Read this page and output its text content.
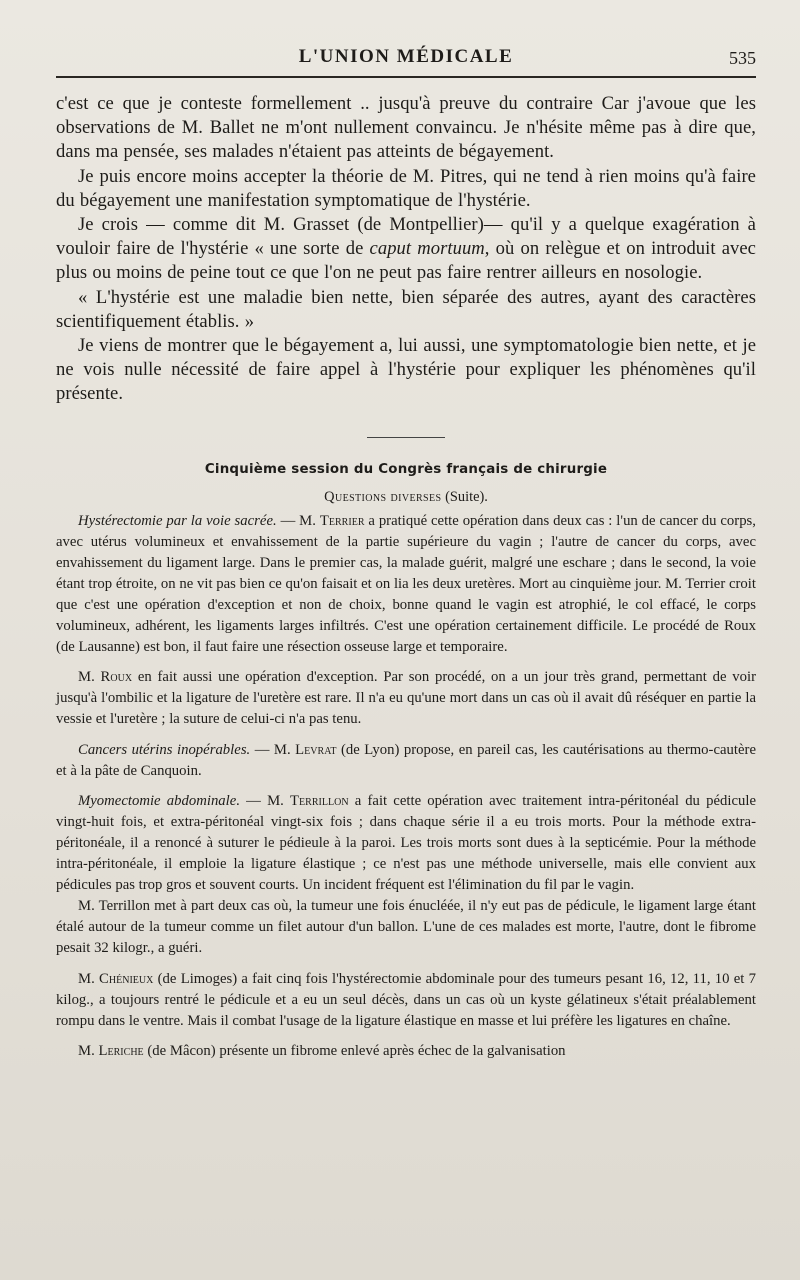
L'UNION MÉDICALE	535

c'est ce que je conteste formellement .. jusqu'à preuve du contraire Car j'avoue que les observations de M. Ballet ne m'ont nullement convaincu. Je n'hésite même pas à dire que, dans ma pensée, ses malades n'étaient pas atteints de bégayement.

Je puis encore moins accepter la théorie de M. Pitres, qui ne tend à rien moins qu'à faire du bégayement une manifestation symptomatique de l'hystérie.

Je crois — comme dit M. Grasset (de Montpellier)— qu'il y a quelque exagération à vouloir faire de l'hystérie « une sorte de caput mortuum, où on relègue et on introduit avec plus ou moins de peine tout ce que l'on ne peut pas faire rentrer ailleurs en nosologie.

« L'hystérie est une maladie bien nette, bien séparée des autres, ayant des caractères scientifiquement établis. »

Je viens de montrer que le bégayement a, lui aussi, une symptomatologie bien nette, et je ne vois nulle nécessité de faire appel à l'hystérie pour expliquer les phénomènes qu'il présente.

Cinquième session du Congrès français de chirurgie
Questions diverses (Suite).

Hystérectomie par la voie sacrée. — M. Terrier a pratiqué cette opération dans deux cas : l'un de cancer du corps, avec utérus volumineux et envahissement de la partie supérieure du vagin ; l'autre de cancer du corps, avec envahissement du ligament large. Dans le premier cas, la malade guérit, malgré une eschare ; dans le second, la voie étant trop étroite, on ne vit pas bien ce qu'on faisait et on lia les deux uretères. Mort au cinquième jour. M. Terrier croit que c'est une opération d'exception et non de choix, bonne quand le vagin est atrophié, le col effacé, le corps volumineux, adhérent, les ligaments larges infiltrés. C'est une opération certainement difficile. Le procédé de Roux (de Lausanne) est bon, il faut faire une résection osseuse large et temporaire.

M. Roux en fait aussi une opération d'exception. Par son procédé, on a un jour très grand, permettant de voir jusqu'à l'ombilic et la ligature de l'uretère est rare. Il n'a eu qu'une mort dans un cas où il avait dû réséquer en partie la vessie et l'uretère ; la suture de celui-ci n'a pas tenu.

Cancers utérins inopérables. — M. Levrat (de Lyon) propose, en pareil cas, les cautérisations au thermo-cautère et à la pâte de Canquoin.

Myomectomie abdominale. — M. Terrillon a fait cette opération avec traitement intra-péritonéal du pédicule vingt-huit fois, et extra-péritonéal vingt-six fois ; dans chaque série il a eu trois morts. Pour la méthode extra-péritonéale, il a renoncé à suturer le pédieule à la paroi. Les trois morts sont dues à la septicémie. Pour la méthode intra-péritonéale, il emploie la ligature élastique ; ce n'est pas une méthode universelle, mais elle convient aux pédicules pas trop gros et souvent courts. Un incident fréquent est l'élimination du fil par le vagin.

M. Terrillon met à part deux cas où, la tumeur une fois énucléée, il n'y eut pas de pédicule, le ligament large étant étalé autour de la tumeur comme un filet autour d'un ballon. L'une de ces malades est morte, l'autre, dont le fibrome pesait 32 kilogr., a guéri.

M. Chénieux (de Limoges) a fait cinq fois l'hystérectomie abdominale pour des tumeurs pesant 16, 12, 11, 10 et 7 kilog., a toujours rentré le pédicule et a eu un seul décès, dans un cas où un kyste gélatineux s'était préalablement rompu dans le ventre. Mais il combat l'usage de la ligature élastique en masse et lui préfère les ligatures en chaîne.

M. Leriche (de Mâcon) présente un fibrome enlevé après échec de la galvanisation
